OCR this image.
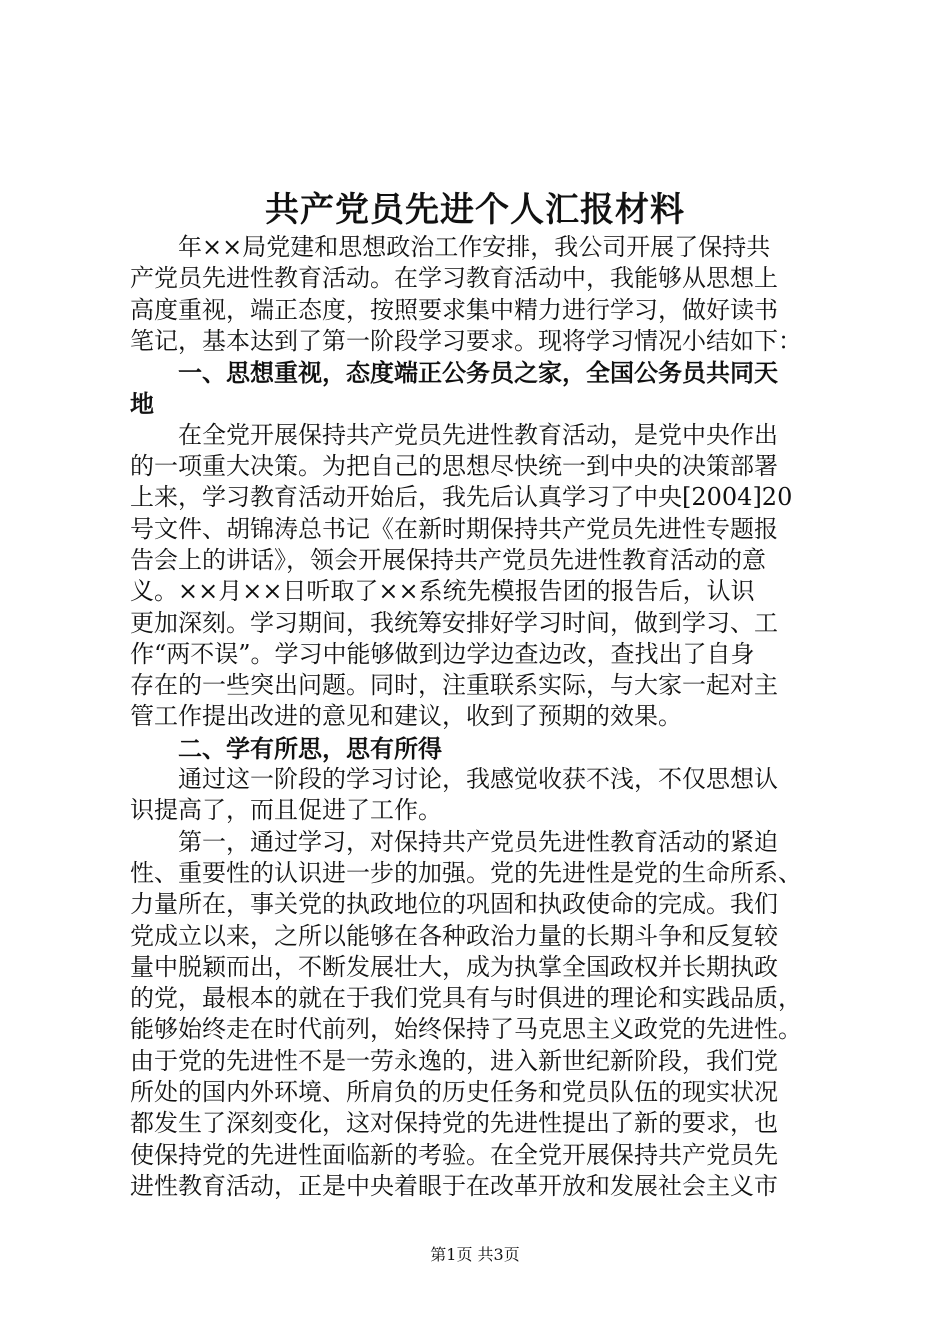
共产党员先进个人汇报材料
　　年××局党建和思想政治工作安排，我公司开展了保持共
产党员先进性教育活动。在学习教育活动中，我能够从思想上
高度重视，端正态度，按照要求集中精力进行学习，做好读书
笔记，基本达到了第一阶段学习要求。现将学习情况小结如下：
　　一、思想重视，态度端正公务员之家，全国公务员共同天
地
　　在全党开展保持共产党员先进性教育活动，是党中央作出
的一项重大决策。为把自己的思想尽快统一到中央的决策部署
上来，学习教育活动开始后，我先后认真学习了中央[2004]20
号文件、胡锦涛总书记《在新时期保持共产党员先进性专题报
告会上的讲话》，领会开展保持共产党员先进性教育活动的意
义。××月××日听取了××系统先模报告团的报告后，认识
更加深刻。学习期间，我统筹安排好学习时间，做到学习、工
作“两不误”。学习中能够做到边学边查边改，查找出了自身
存在的一些突出问题。同时，注重联系实际，与大家一起对主
管工作提出改进的意见和建议，收到了预期的效果。
　　二、学有所思，思有所得
　　通过这一阶段的学习讨论，我感觉收获不浅，不仅思想认
识提高了，而且促进了工作。
　　第一，通过学习，对保持共产党员先进性教育活动的紧迫
性、重要性的认识进一步的加强。党的先进性是党的生命所系、
力量所在，事关党的执政地位的巩固和执政使命的完成。我们
党成立以来，之所以能够在各种政治力量的长期斗争和反复较
量中脱颖而出，不断发展壮大，成为执掌全国政权并长期执政
的党，最根本的就在于我们党具有与时俱进的理论和实践品质，
能够始终走在时代前列，始终保持了马克思主义政党的先进性。
由于党的先进性不是一劳永逸的，进入新世纪新阶段，我们党
所处的国内外环境、所肩负的历史任务和党员队伍的现实状况
都发生了深刻变化，这对保持党的先进性提出了新的要求，也
使保持党的先进性面临新的考验。在全党开展保持共产党员先
进性教育活动，正是中央着眼于在改革开放和发展社会主义市
第1页 共3页
